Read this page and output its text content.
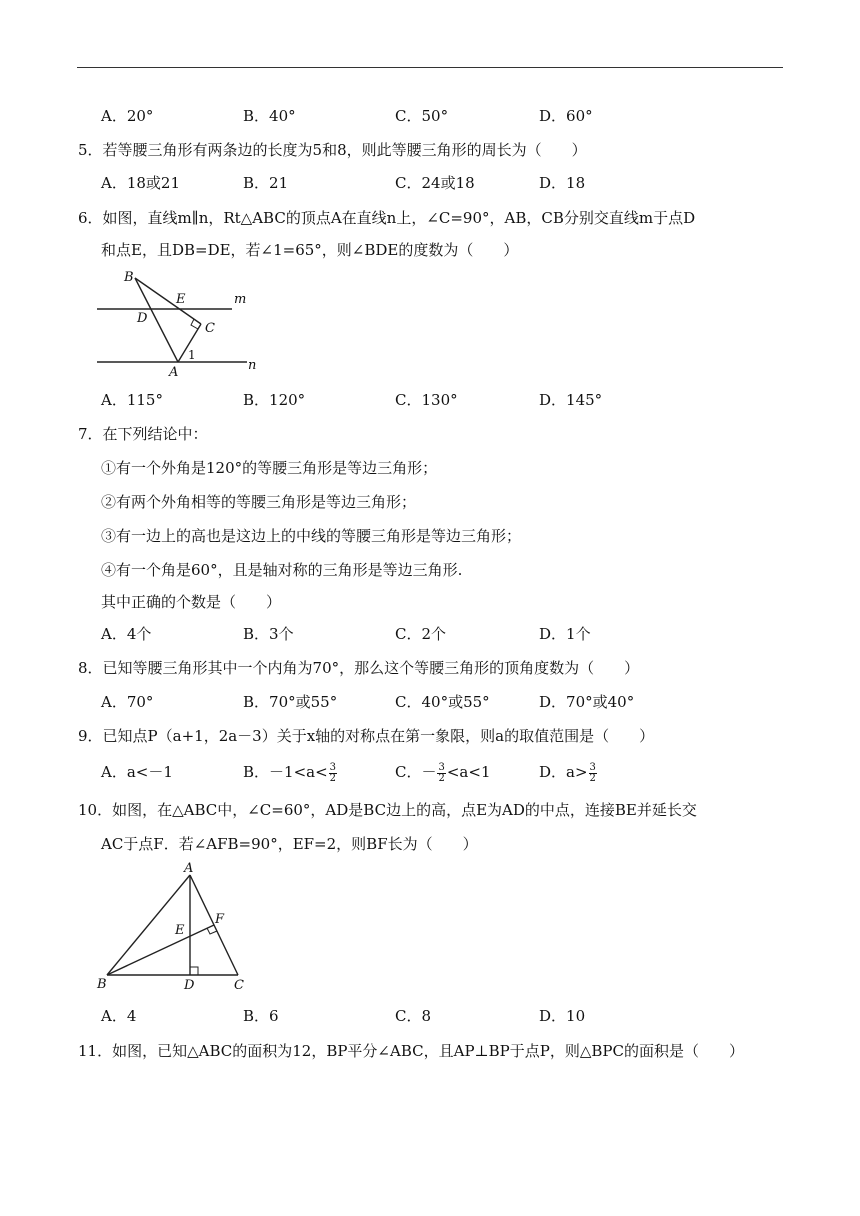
A．20°	B．40°	C．50°	D．60°
5．若等腰三角形有两条边的长度为5和8，则此等腰三角形的周长为（　　）
A．18或21	B．21	C．24或18	D．18
6．如图，直线m∥n，Rt△ABC的顶点A在直线n上，∠C=90°，AB，CB分别交直线m于点D
和点E，且DB=DE，若∠1=65°，则∠BDE的度数为（　　）
B
E	m
D
C
1
A	n
A．115°	B．120°	C．130°	D．145°
7．在下列结论中：
①有一个外角是120°的等腰三角形是等边三角形；
②有两个外角相等的等腰三角形是等边三角形；
③有一边上的高也是这边上的中线的等腰三角形是等边三角形；
④有一个角是60°，且是轴对称的三角形是等边三角形.
其中正确的个数是（　　）
A．4个	B．3个	C．2个	D．1个
8．已知等腰三角形其中一个内角为70°，那么这个等腰三角形的顶角度数为（　　）
A．70°	B．70°或55°	C．40°或55°	D．70°或40°
9．已知点P（a+1，2a－3）关于x轴的对称点在第一象限，则a的取值范围是（　　）
A．a<－1	B．$-1<a< \frac{3}{2}$	C．－ $\frac{3}{2} <a<1$	D．$a> \frac{3}{2}$
10．如图，在△ABC中，∠C=60°，AD是BC边上的高，点E为AD的中点，连接BE并延长交
AC于点F．若∠AFB=90°，EF=2，则BF长为（　　）
A
F
E
B	D	C
A．4	B．6	C．8	D．10
11．如图，已知△ABC的面积为12，BP平分∠ABC，且AP⊥BP于点P，则△BPC的面积是（　　）
